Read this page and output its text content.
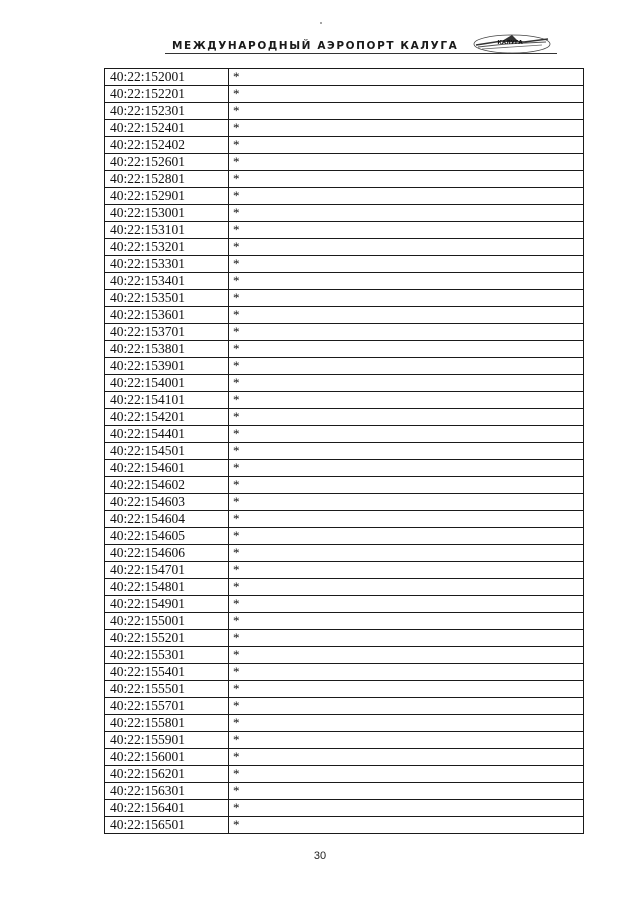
МЕЖДУНАРОДНЫЙ АЭРОПОРТ КАЛУГА	КАЛУГА
40:22:152001	*
40:22:152201	*
40:22:152301	*
40:22:152401	*
40:22:152402	*
40:22:152601	*
40:22:152801	*
40:22:152901	*
40:22:153001	*
40:22:153101	*
40:22:153201	*
40:22:153301	*
40:22:153401	*
40:22:153501	*
40:22:153601	*
40:22:153701	*
40:22:153801	*
40:22:153901	*
40:22:154001	*
40:22:154101	*
40:22:154201	*
40:22:154401	*
40:22:154501	*
40:22:154601	*
40:22:154602	*
40:22:154603	*
40:22:154604	*
40:22:154605	*
40:22:154606	*
40:22:154701	*
40:22:154801	*
40:22:154901	*
40:22:155001	*
40:22:155201	*
40:22:155301	*
40:22:155401	*
40:22:155501	*
40:22:155701	*
40:22:155801	*
40:22:155901	*
40:22:156001	*
40:22:156201	*
40:22:156301	*
40:22:156401	*
40:22:156501	*
30
